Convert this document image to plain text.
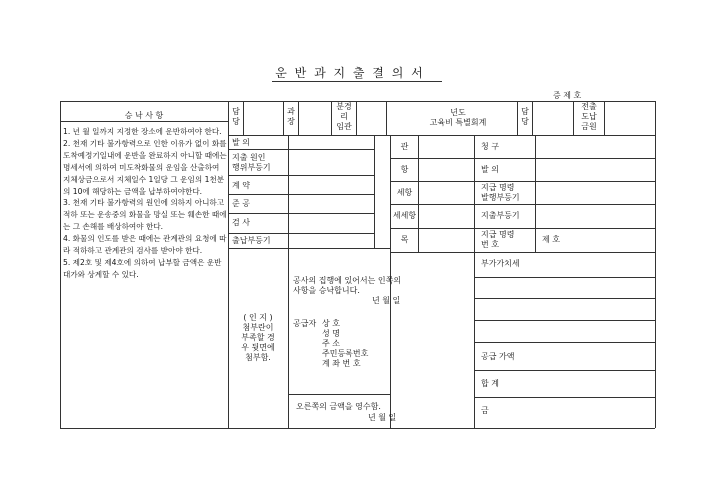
운 반 과 지 출 결 의 서
증 제 호
담
당
과
장
분경
리
임관
년도
고육비 특별회계
담
당
전출
도납
금원
승 낙 사 항
1. 년 월 일까지 지정한 장소에 운반하여야 한다.
2. 천재 기타 불가항력으로 인한 이유가 없이 화를 도착예정기일내에 운반을 완료하지 아니할 때에는 명세서에 의하여 미도착화물의 운임을 산출하여 지체상금으로서 지체일수 1일당 그 운임의 1천분의 10에 해당하는 금액을 납부하여야한다.
3. 천재 기타 불가항력의 원인에 의하지 아니하고 적하 또는 운송중의 화물을 망실 또는 훼손한 때에는 그 손해를 배상하여야 한다.
4. 화물의 인도를 받은 때에는 관계관의 요청에 따라 적하하고 관계관의 검사를 받아야 한다.
5. 제2호 및 제4호에 의하여 납부할 금액은 운반대가와 상계할 수 있다.
발 의
지출 원인
행위부등기
계 약
준 공
검 사
출납부등기
관
항
세항
세세항
목
청 구
발 의
지급 명령
발행부등기
지출부등기
지급 명령
번 호
제 호
부가가치세
공급 가액
합 계
금
( 인 지 )
첨부란이
부족할 경
우 뒷면에
첨부함.
공사의 집행에 있어서는 인쪽의
사항을 승낙합니다.
년 월 일
공급자 상 호
성 명
주 소
주민등록번호
계 좌 번 호
오른쪽의 금액을 영수함.
년 월 일
